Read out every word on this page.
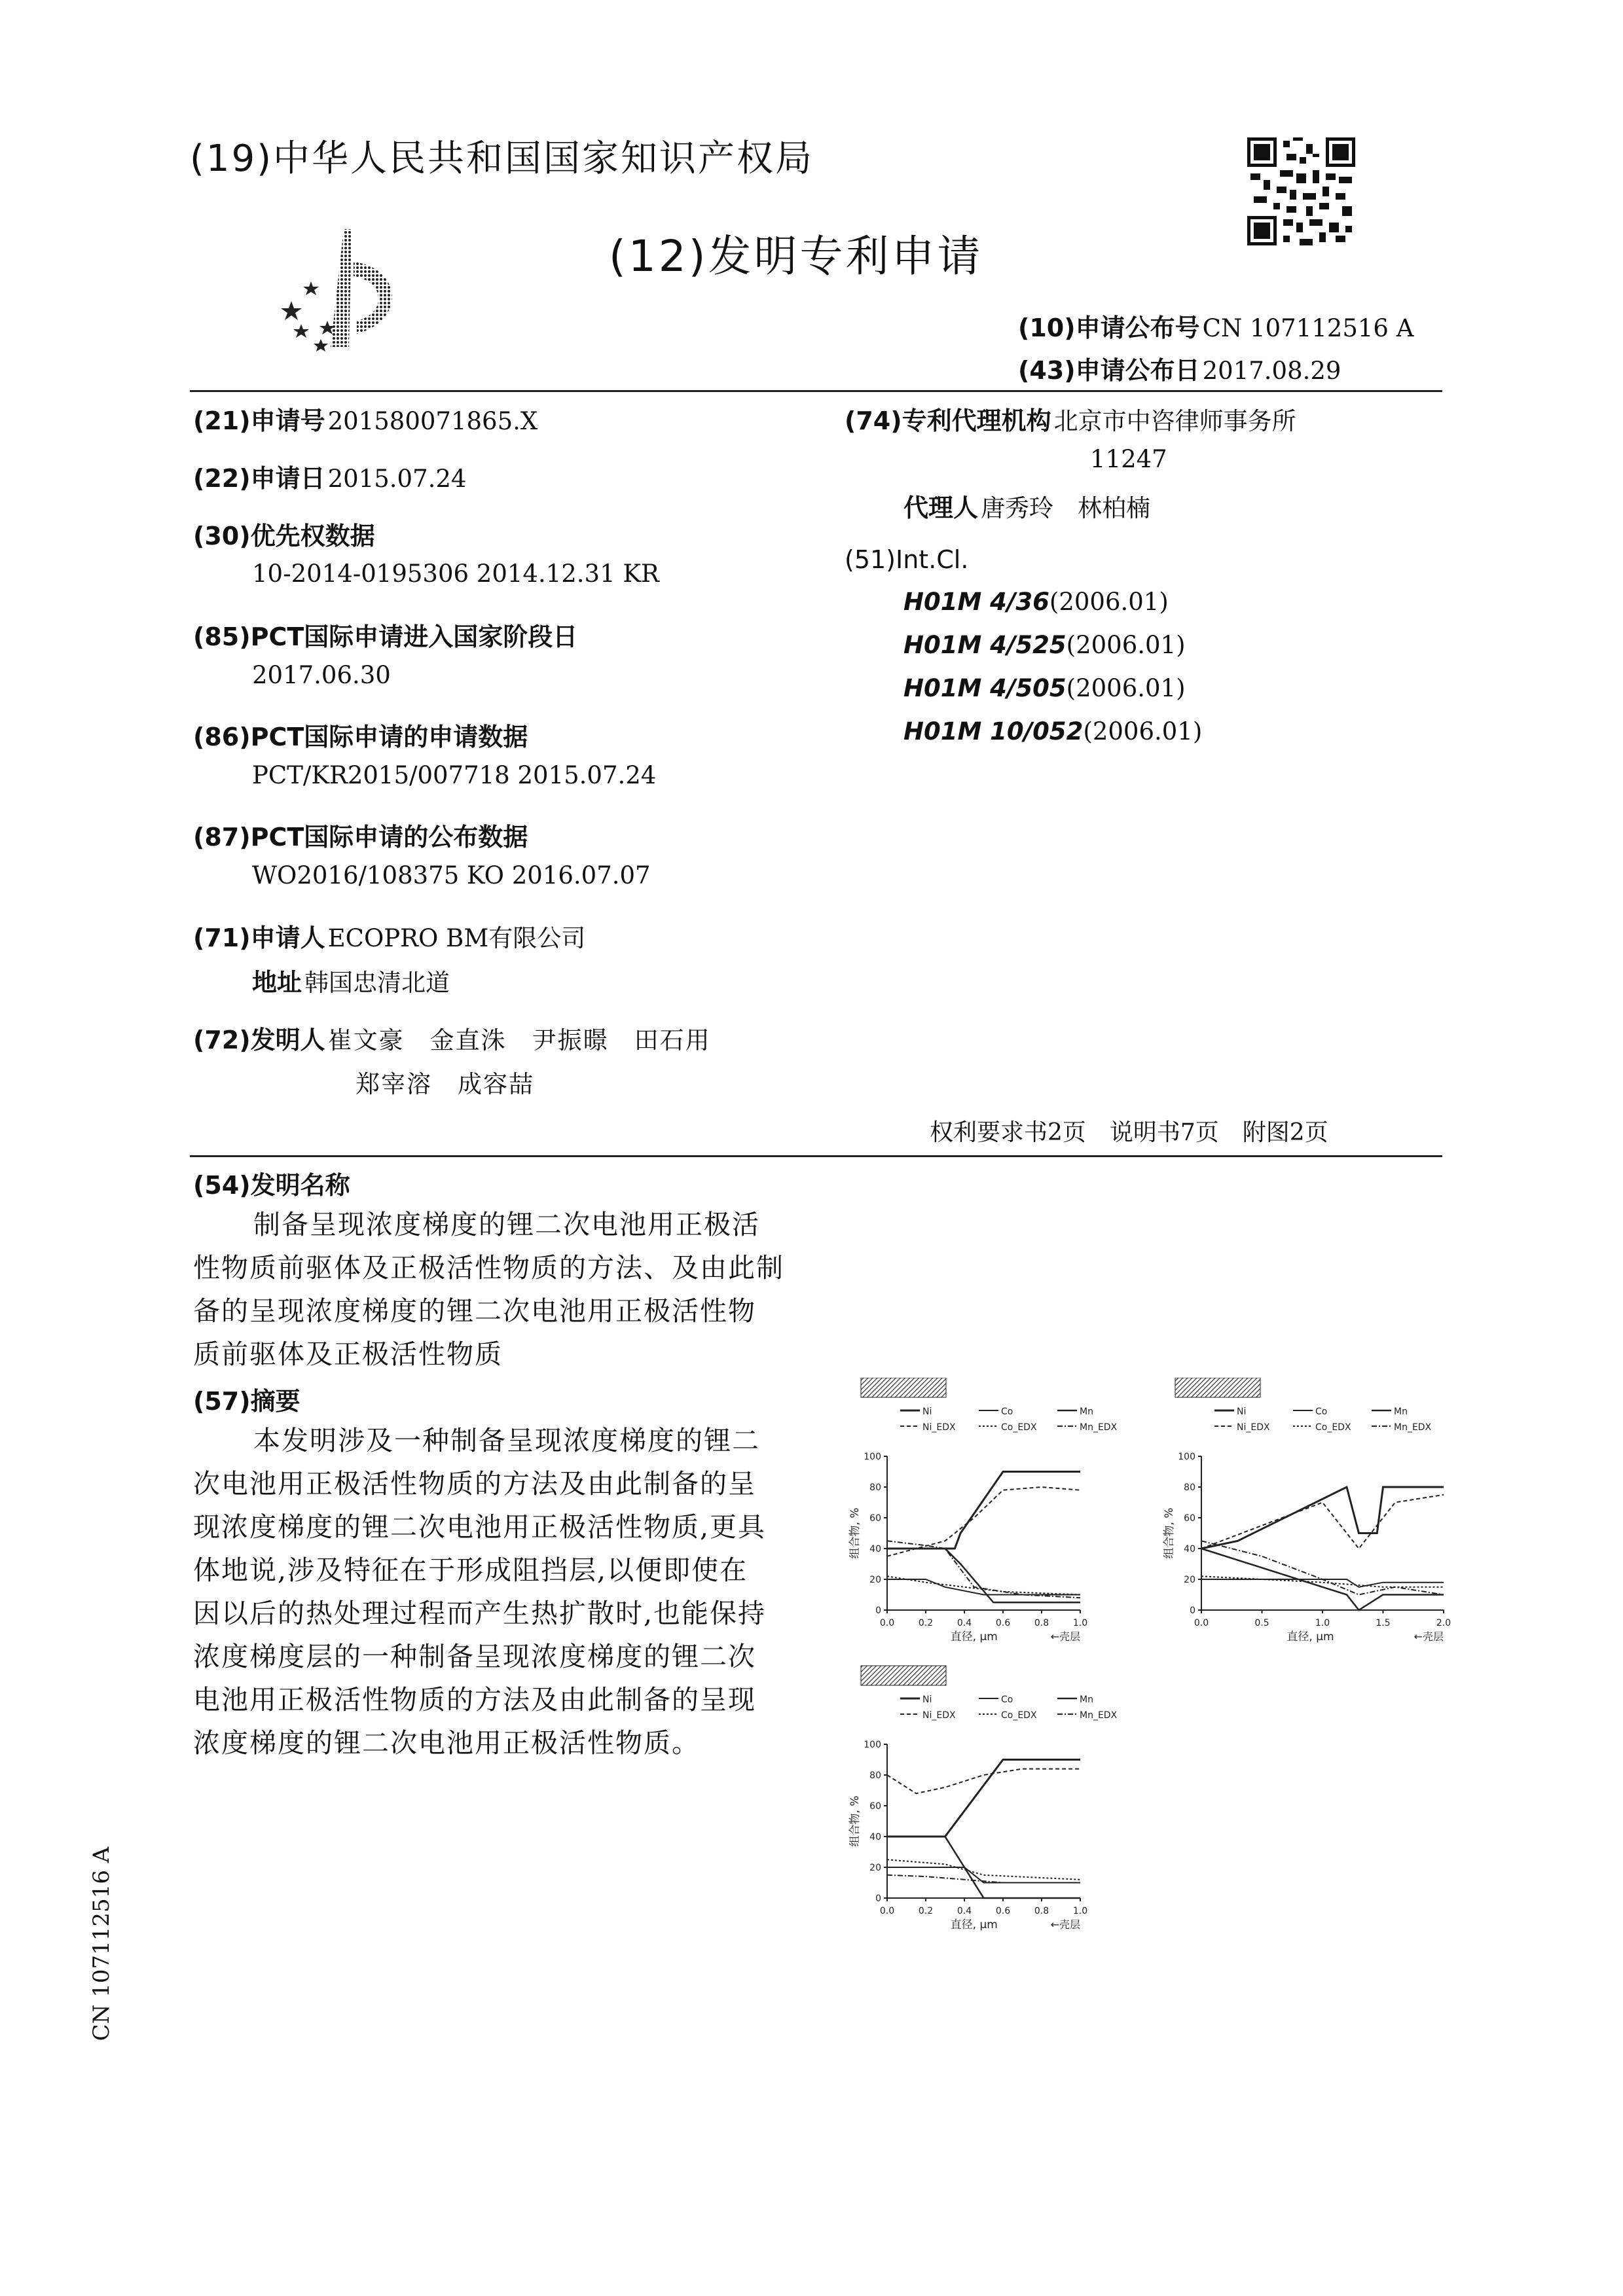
(19)中华人民共和国国家知识产权局
(12)发明专利申请
(10)申请公布号 CN 107112516 A
(43)申请公布日 2017.08.29
(21)申请号 201580071865.X
(22)申请日 2015.07.24
(30)优先权数据
10-2014-0195306 2014.12.31 KR
(85)PCT国际申请进入国家阶段日
2017.06.30
(86)PCT国际申请的申请数据
PCT/KR2015/007718 2015.07.24
(87)PCT国际申请的公布数据
WO2016/108375 KO 2016.07.07
(71)申请人 ECOPRO BM有限公司
地址 韩国忠清北道
(72)发明人 崔文豪　金直洙　尹振暻　田石用
郑宰溶　成容喆
(74)专利代理机构 北京市中咨律师事务所
11247
代理人 唐秀玲　林柏楠
(51)Int.Cl.
H01M 4/36(2006.01)
H01M 4/525(2006.01)
H01M 4/505(2006.01)
H01M 10/052(2006.01)
权利要求书2页　说明书7页　附图2页
(54)发明名称
制备呈现浓度梯度的锂二次电池用正极活
性物质前驱体及正极活性物质的方法、及由此制
备的呈现浓度梯度的锂二次电池用正极活性物
质前驱体及正极活性物质
(57)摘要
本发明涉及一种制备呈现浓度梯度的锂二
次电池用正极活性物质的方法及由此制备的呈
现浓度梯度的锂二次电池用正极活性物质,更具
体地说,涉及特征在于形成阻挡层,以便即使在
因以后的热处理过程而产生热扩散时,也能保持
浓度梯度层的一种制备呈现浓度梯度的锂二次
电池用正极活性物质的方法及由此制备的呈现
浓度梯度的锂二次电池用正极活性物质。
CN 107112516 A
Ni	Co	Mn
Ni_EDX	Co_EDX	Mn_EDX
0
20
40
60
80
100
0.0	0.2	0.4	0.6	0.8	1.0
组合物, %
直径, μm	←壳层
Ni	Co	Mn
Ni_EDX	Co_EDX	Mn_EDX
0
20
40
60
80
100
0.0	0.5	1.0	1.5	2.0
组合物, %
直径, μm	←壳层
Ni	Co	Mn
Ni_EDX	Co_EDX	Mn_EDX
0
20
40
60
80
100
0.0	0.2	0.4	0.6	0.8	1.0
组合物, %
直径, μm	←壳层
